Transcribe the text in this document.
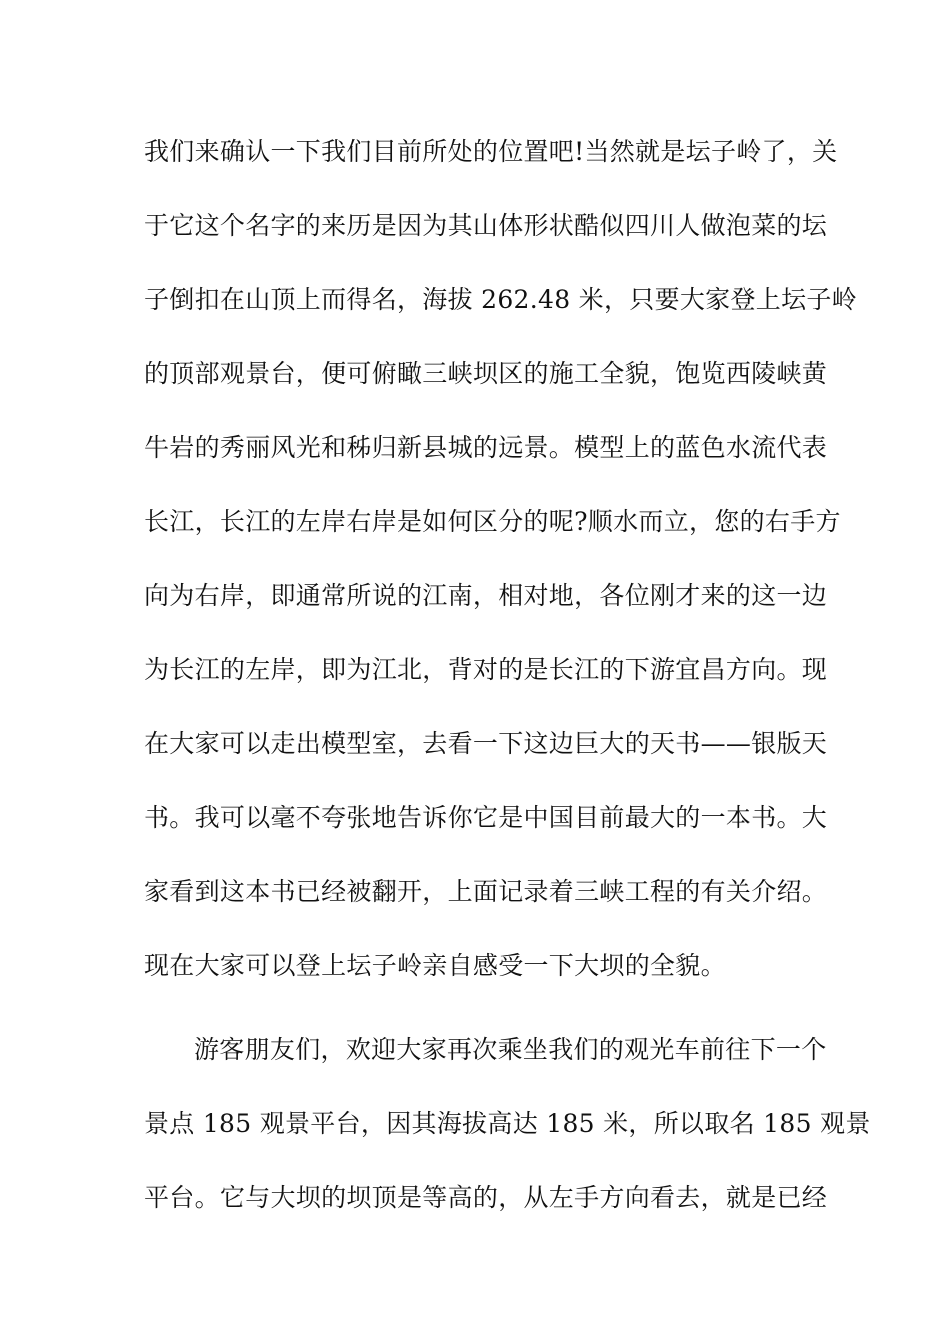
我们来确认一下我们目前所处的位置吧!当然就是坛子岭了，关
于它这个名字的来历是因为其山体形状酷似四川人做泡菜的坛
子倒扣在山顶上而得名，海拔 262.48 米，只要大家登上坛子岭
的顶部观景台，便可俯瞰三峡坝区的施工全貌，饱览西陵峡黄
牛岩的秀丽风光和秭归新县城的远景。模型上的蓝色水流代表
长江，长江的左岸右岸是如何区分的呢?顺水而立，您的右手方
向为右岸，即通常所说的江南，相对地，各位刚才来的这一边
为长江的左岸，即为江北，背对的是长江的下游宜昌方向。现
在大家可以走出模型室，去看一下这边巨大的天书——银版天
书。我可以毫不夸张地告诉你它是中国目前最大的一本书。大
家看到这本书已经被翻开，上面记录着三峡工程的有关介绍。
现在大家可以登上坛子岭亲自感受一下大坝的全貌。
游客朋友们，欢迎大家再次乘坐我们的观光车前往下一个
景点 185 观景平台，因其海拔高达 185 米，所以取名 185 观景
平台。它与大坝的坝顶是等高的，从左手方向看去，就是已经
